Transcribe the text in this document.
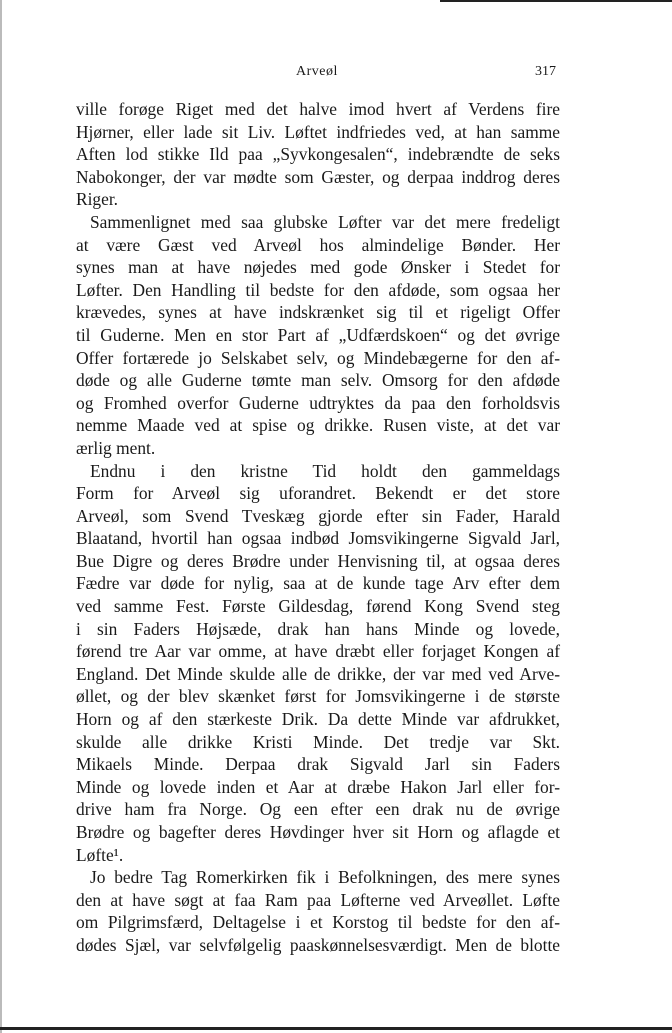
Arveøl	317
ville forøge Riget med det halve imod hvert af Verdens fire
Hjørner, eller lade sit Liv. Løftet indfriedes ved, at han samme
Aften lod stikke Ild paa „Syvkongesalen“, indebrændte de seks
Nabokonger, der var mødte som Gæster, og derpaa inddrog deres
Riger.
Sammenlignet med saa glubske Løfter var det mere fredeligt
at være Gæst ved Arveøl hos almindelige Bønder. Her
synes man at have nøjedes med gode Ønsker i Stedet for
Løfter. Den Handling til bedste for den afdøde, som ogsaa her
krævedes, synes at have indskrænket sig til et rigeligt Offer
til Guderne. Men en stor Part af „Udfærdskoen“ og det øvrige
Offer fortærede jo Selskabet selv, og Mindebægerne for den af-
døde og alle Guderne tømte man selv. Omsorg for den afdøde
og Fromhed overfor Guderne udtryktes da paa den forholdsvis
nemme Maade ved at spise og drikke. Rusen viste, at det var
ærlig ment.
Endnu i den kristne Tid holdt den gammeldags
Form for Arveøl sig uforandret. Bekendt er det store
Arveøl, som Svend Tveskæg gjorde efter sin Fader, Harald
Blaatand, hvortil han ogsaa indbød Jomsvikingerne Sigvald Jarl,
Bue Digre og deres Brødre under Henvisning til, at ogsaa deres
Fædre var døde for nylig, saa at de kunde tage Arv efter dem
ved samme Fest. Første Gildesdag, førend Kong Svend steg
i sin Faders Højsæde, drak han hans Minde og lovede,
førend tre Aar var omme, at have dræbt eller forjaget Kongen af
England. Det Minde skulde alle de drikke, der var med ved Arve-
øllet, og der blev skænket først for Jomsvikingerne i de største
Horn og af den stærkeste Drik. Da dette Minde var afdrukket,
skulde alle drikke Kristi Minde. Det tredje var Skt.
Mikaels Minde. Derpaa drak Sigvald Jarl sin Faders
Minde og lovede inden et Aar at dræbe Hakon Jarl eller for-
drive ham fra Norge. Og een efter een drak nu de øvrige
Brødre og bagefter deres Høvdinger hver sit Horn og aflagde et
Løfte¹.
Jo bedre Tag Romerkirken fik i Befolkningen, des mere synes
den at have søgt at faa Ram paa Løfterne ved Arveøllet. Løfte
om Pilgrimsfærd, Deltagelse i et Korstog til bedste for den af-
dødes Sjæl, var selvfølgelig paaskønnelsesværdigt. Men de blotte
